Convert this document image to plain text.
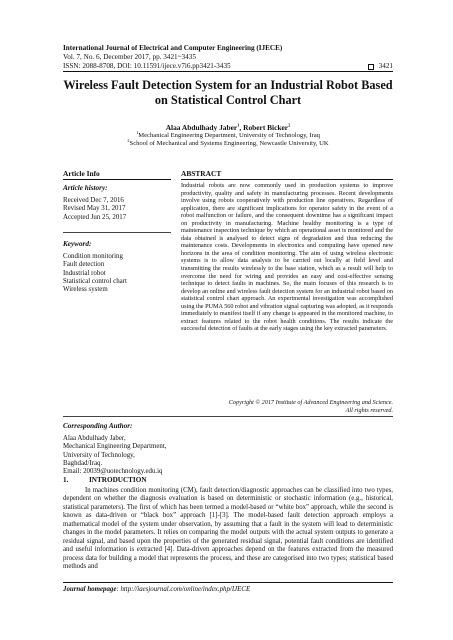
International Journal of Electrical and Computer Engineering (IJECE)
Vol. 7, No. 6, December 2017, pp. 3421~3435
ISSN: 2088-8708, DOI: 10.11591/ijece.v7i6.pp3421-3435	3421
Wireless Fault Detection System for an Industrial Robot Based
on Statistical Control Chart
Alaa Abdulhady Jaber$^1$, Robert Bicker$^2$
$^1$Mechanical Engineering Department, University of Technology, Iraq
$^2$School of Mechanical and Systems Engineering, Newcastle University, UK
Article Info	ABSTRACT
Article history:
Received Dec 7, 2016
Revised May 31, 2017
Accepted Jun 25, 2017
Keyword:
Condition monitoring
Fault detection
Industrial robot
Statistical control chart
Wireless system
Industrial robots are now commonly used in production systems to improve productivity, quality and safety in manufacturing processes. Recent developments involve using robots cooperatively with production line operatives. Regardless of application, there are significant implications for operator safety in the event of a robot malfunction or failure, and the consequent downtime has a significant impact on productivity in manufacturing. Machine healthy monitoring is a type of maintenance inspection technique by which an operational asset is monitored and the data obtained is analysed to detect signs of degradation and thus reducing the maintenance costs. Developments in electronics and computing have opened new horizons in the area of condition monitoring. The aim of using wireless electronic systems is to allow data analysis to be carried out locally at field level and transmitting the results wirelessly to the base station, which as a result will help to overcome the need for wiring and provides an easy and cost-effective sensing technique to detect faults in machines. So, the main focuses of this research is to develop an online and wireless fault detection system for an industrial robot based on statistical control chart approach. An experimental investigation was accomplished using the PUMA 560 robot and vibration signal capturing was adopted, as it responds immediately to manifest itself if any change is appeared in the monitored machine, to extract features related to the robot health conditions. The results indicate the successful detection of faults at the early stages using the key extracted parameters.
Copyright © 2017 Institute of Advanced Engineering and Science.
All rights reserved.
Corresponding Author:
Alaa Abdulhady Jaber,
Mechanical Engineering Department,
University of Technology,
Baghdad/Iraq.
Email: 20039@uotechnology.edu.iq
1.	INTRODUCTION
In machines condition monitoring (CM), fault detection/diagnostic approaches can be classified into two types, dependent on whether the diagnosis evaluation is based on deterministic or stochastic information (e.g., historical, statistical parameters). The first of which has been termed a model-based or “white box” approach, while the second is known as data-driven or “black box” approach [1]-[3]. The model-based fault detection approach employs a mathematical model of the system under observation, by assuming that a fault in the system will lead to deterministic changes in the model parameters. It relies on comparing the model outputs with the actual system outputs to generate a residual signal, and based upon the properties of the generated residual signal, potential fault conditions are identified and useful information is extracted [4]. Data-driven approaches depend on the features extracted from the measured process data for building a model that represents the process, and these are categorised into two types; statistical based methods and
Journal homepage: http://iaesjournal.com/online/index.php/IJECE
